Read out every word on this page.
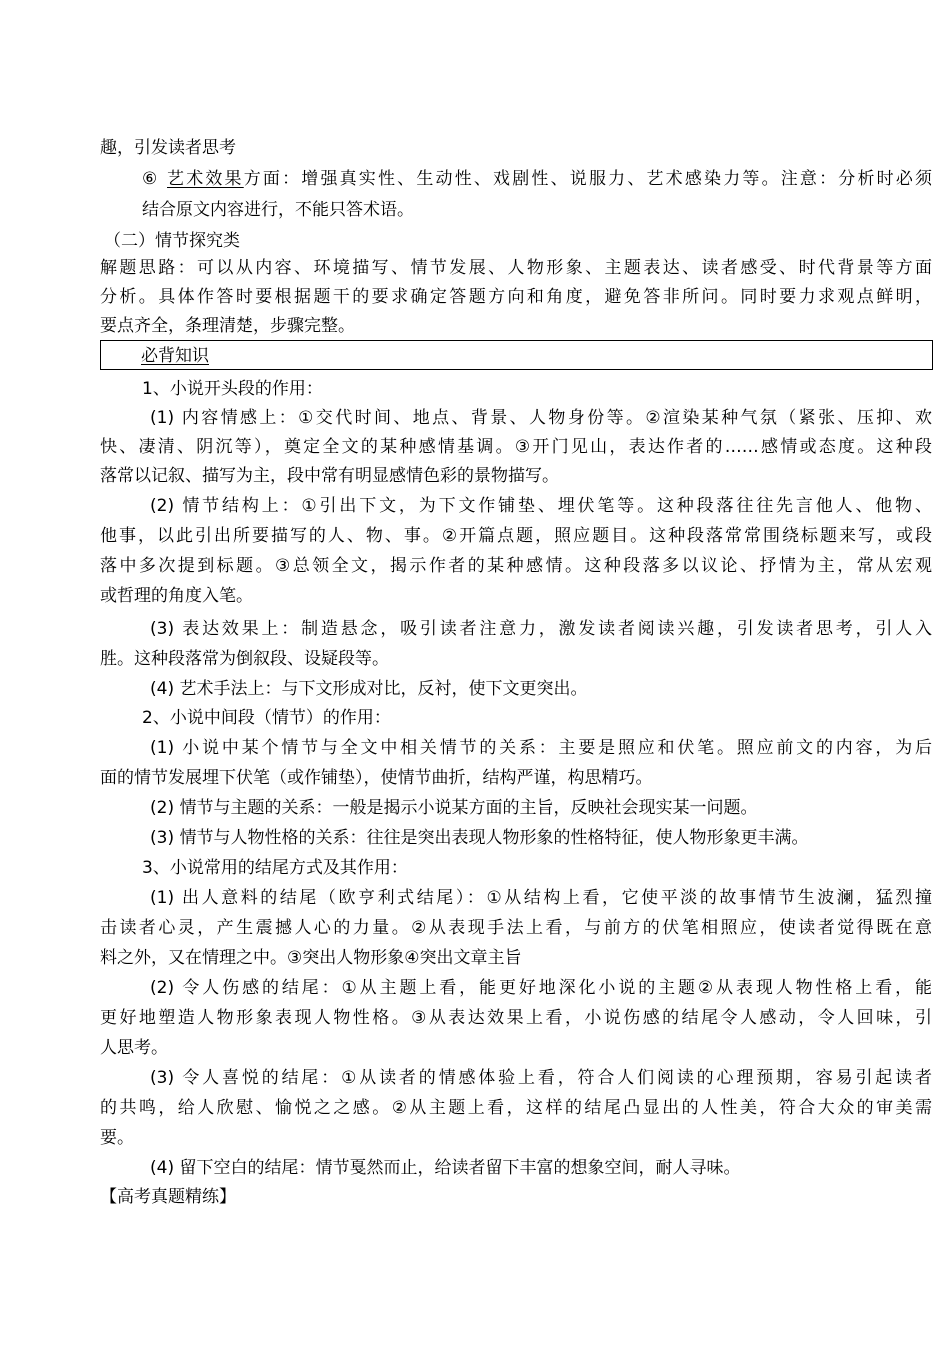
趣，引发读者思考
⑥ 艺术效果方面：增强真实性、生动性、戏剧性、说服力、艺术感染力等。注意：分析时必须
结合原文内容进行，不能只答术语。
（二）情节探究类
解题思路：可以从内容、环境描写、情节发展、人物形象、主题表达、读者感受、时代背景等方面
分析。具体作答时要根据题干的要求确定答题方向和角度，避免答非所问。同时要力求观点鲜明，
要点齐全，条理清楚，步骤完整。
必背知识
1、小说开头段的作用：
(1) 内容情感上：①交代时间、地点、背景、人物身份等。②渲染某种气氛（紧张、压抑、欢
快、凄清、阴沉等），奠定全文的某种感情基调。③开门见山，表达作者的……感情或态度。这种段
落常以记叙、描写为主，段中常有明显感情色彩的景物描写。
(2) 情节结构上：①引出下文，为下文作铺垫、埋伏笔等。这种段落往往先言他人、他物、
他事，以此引出所要描写的人、物、事。②开篇点题，照应题目。这种段落常常围绕标题来写，或段
落中多次提到标题。③总领全文，揭示作者的某种感情。这种段落多以议论、抒情为主，常从宏观
或哲理的角度入笔。
(3) 表达效果上：制造悬念，吸引读者注意力，激发读者阅读兴趣，引发读者思考，引人入
胜。这种段落常为倒叙段、设疑段等。
(4) 艺术手法上：与下文形成对比，反衬，使下文更突出。
2、小说中间段（情节）的作用：
(1) 小说中某个情节与全文中相关情节的关系：主要是照应和伏笔。照应前文的内容，为后
面的情节发展埋下伏笔（或作铺垫），使情节曲折，结构严谨，构思精巧。
(2) 情节与主题的关系：一般是揭示小说某方面的主旨，反映社会现实某一问题。
(3) 情节与人物性格的关系：往往是突出表现人物形象的性格特征，使人物形象更丰满。
3、小说常用的结尾方式及其作用：
(1) 出人意料的结尾（欧亨利式结尾）：①从结构上看，它使平淡的故事情节生波澜，猛烈撞
击读者心灵，产生震撼人心的力量。②从表现手法上看，与前方的伏笔相照应，使读者觉得既在意
料之外，又在情理之中。③突出人物形象④突出文章主旨
(2) 令人伤感的结尾：①从主题上看，能更好地深化小说的主题②从表现人物性格上看，能
更好地塑造人物形象表现人物性格。③从表达效果上看，小说伤感的结尾令人感动，令人回味，引
人思考。
(3) 令人喜悦的结尾：①从读者的情感体验上看，符合人们阅读的心理预期，容易引起读者
的共鸣，给人欣慰、愉悦之之感。②从主题上看，这样的结尾凸显出的人性美，符合大众的审美需
要。
(4) 留下空白的结尾：情节戛然而止，给读者留下丰富的想象空间，耐人寻味。
【高考真题精练】
